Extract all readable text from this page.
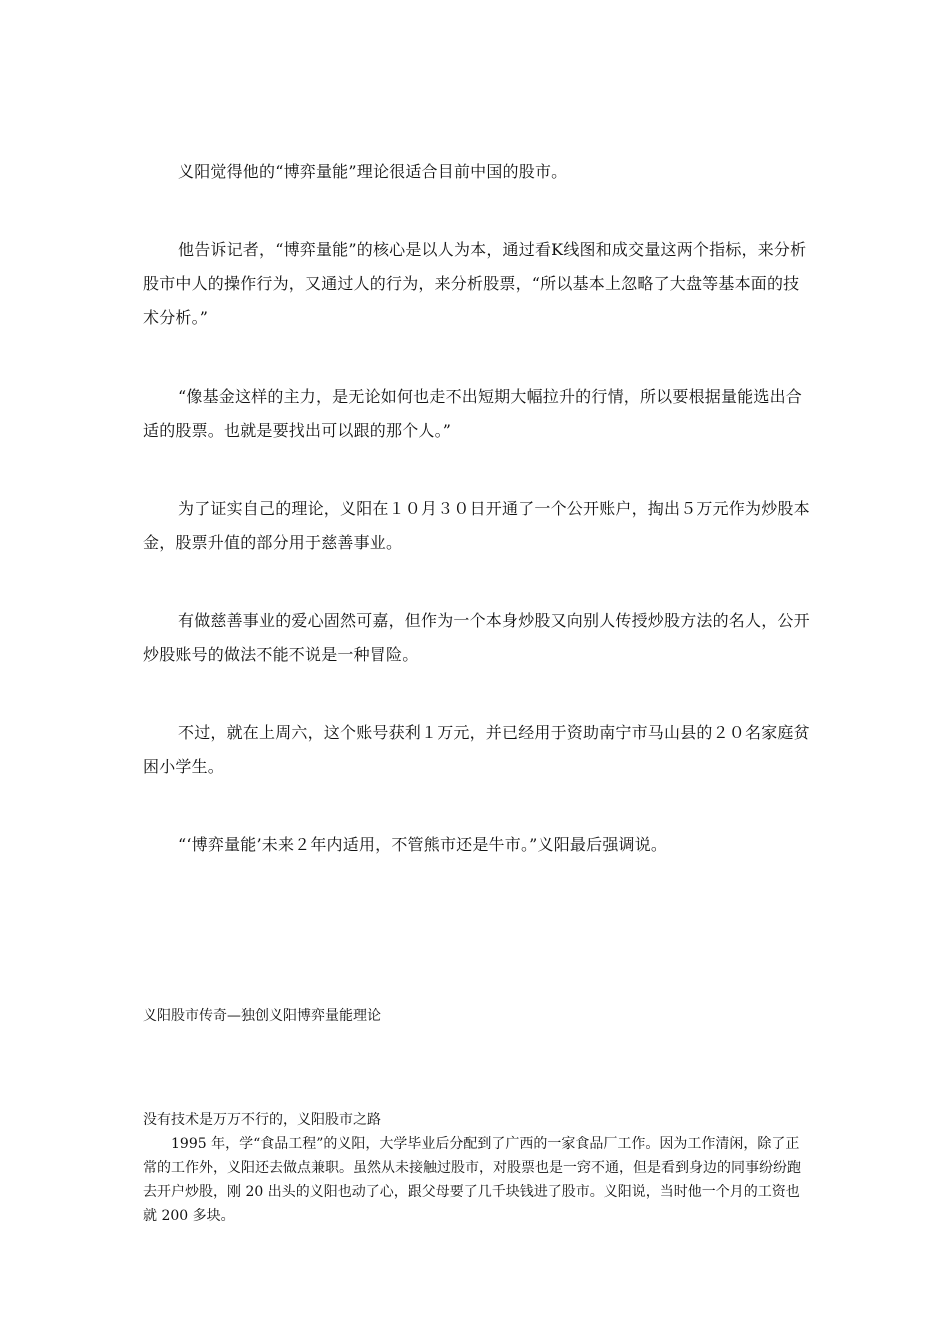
义阳觉得他的“博弈量能”理论很适合目前中国的股市。

他告诉记者，“博弈量能”的核心是以人为本，通过看K线图和成交量这两个指标，来分析股市中人的操作行为，又通过人的行为，来分析股票，“所以基本上忽略了大盘等基本面的技术分析。”

“像基金这样的主力，是无论如何也走不出短期大幅拉升的行情，所以要根据量能选出合适的股票。也就是要找出可以跟的那个人。”

为了证实自己的理论，义阳在１０月３０日开通了一个公开账户，掏出５万元作为炒股本金，股票升值的部分用于慈善事业。

有做慈善事业的爱心固然可嘉，但作为一个本身炒股又向别人传授炒股方法的名人，公开炒股账号的做法不能不说是一种冒险。

不过，就在上周六，这个账号获利１万元，并已经用于资助南宁市马山县的２０名家庭贫困小学生。

“‘博弈量能’未来２年内适用，不管熊市还是牛市。”义阳最后强调说。

义阳股市传奇—独创义阳博弈量能理论

没有技术是万万不行的，义阳股市之路

1995 年，学“食品工程”的义阳，大学毕业后分配到了广西的一家食品厂工作。因为工作清闲，除了正常的工作外，义阳还去做点兼职。虽然从未接触过股市，对股票也是一窍不通，但是看到身边的同事纷纷跑去开户炒股，刚 20 出头的义阳也动了心，跟父母要了几千块钱进了股市。义阳说，当时他一个月的工资也就 200 多块。
